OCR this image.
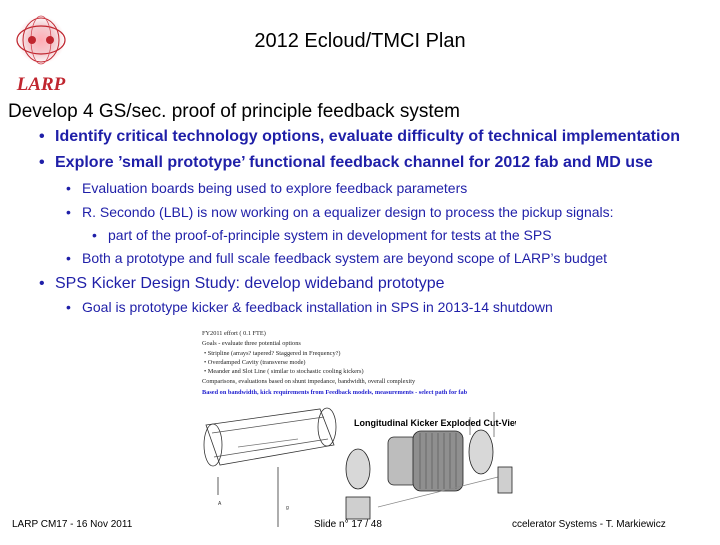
LARP
2012 Ecloud/TMCI Plan
Develop 4 GS/sec. proof of principle feedback system
• Identify critical technology options, evaluate difficulty of technical implementation
• Explore ’small prototype’ functional feedback channel for 2012 fab and MD use
• Evaluation boards being used to explore feedback parameters
• R. Secondo (LBL) is now working on a equalizer design to process the pickup signals:
• part of the proof-of-principle system in development for tests at the SPS
• Both a prototype and full scale feedback system are beyond scope of LARP’s budget
• SPS Kicker Design Study: develop wideband prototype
• Goal is prototype kicker & feedback installation in SPS in 2013-14 shutdown
FY2011 effort ( 0.1 FTE)
Goals - evaluate three potential options
• Stripline (arrays? tapered? Staggered in Frequency?)
• Overdamped Cavity (transverse mode)
• Meander and Slot Line ( similar to stochastic cooling kickers)
Comparisons, evaluations based on shunt impedance, bandwidth, overall complexity
Based on bandwidth, kick requirements from Feedback models, measurements - select path for fab
Longitudinal Kicker Exploded Cut-View
A
g
LARP CM17 - 16 Nov 2011	Slide n° 17 / 48	ccelerator Systems - T. Markiewicz
